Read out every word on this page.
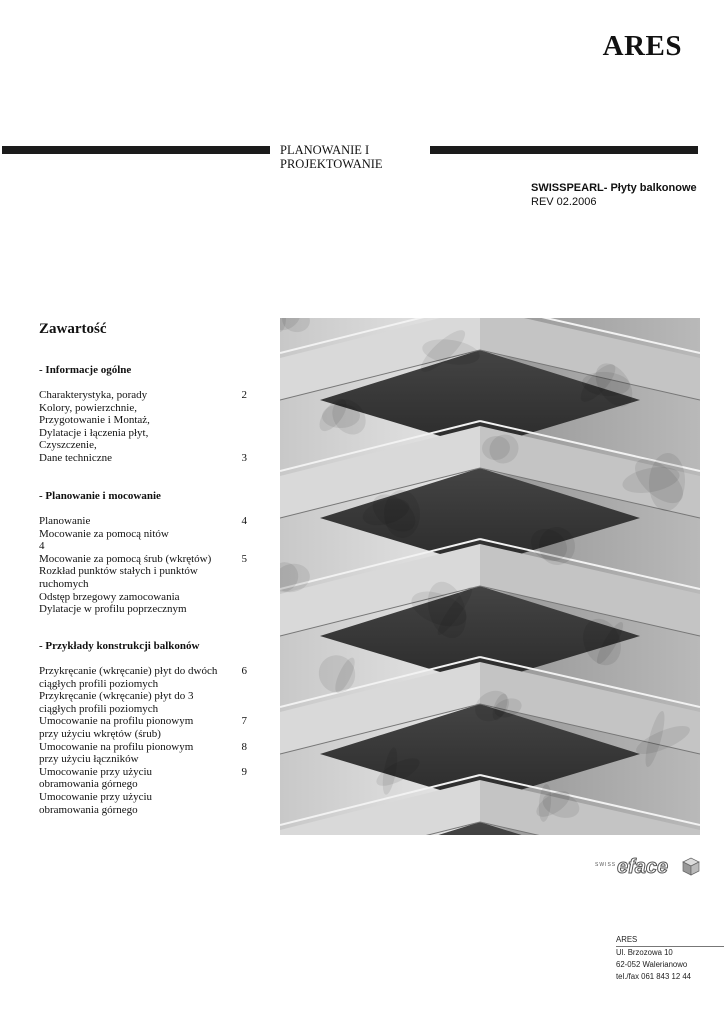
ARES
PLANOWANIE I
PROJEKTOWANIE
SWISSPEARL- Płyty balkonowe
REV 02.2006
Zawartość
- Informacje ogólne
Charakterystyka, porady	2
Kolory, powierzchnie,
Przygotowanie i Montaż,
Dylatacje i łączenia płyt,
Czyszczenie,
Dane techniczne	3
- Planowanie i mocowanie
Planowanie	4
Mocowanie za pomocą nitów
4
Mocowanie za pomocą śrub (wkrętów)	5
Rozkład punktów stałych i punktów
ruchomych
Odstęp brzegowy zamocowania
Dylatacje w profilu poprzecznym
- Przykłady konstrukcji balkonów
Przykręcanie (wkręcanie) płyt do dwóch 6
ciągłych profili poziomych
Przykręcanie (wkręcanie) płyt do 3
ciągłych profili poziomych
Umocowanie na profilu pionowym	7
przy użyciu wkrętów (śrub)
Umocowanie na profilu pionowym	8
przy użyciu łączników
Umocowanie przy użyciu	9
obramowania górnego
Umocowanie przy użyciu
obramowania górnego
SWISS eface
ARES
Ul. Brzozowa 10
62-052 Walerianowo
tel./fax 061 843 12 44
